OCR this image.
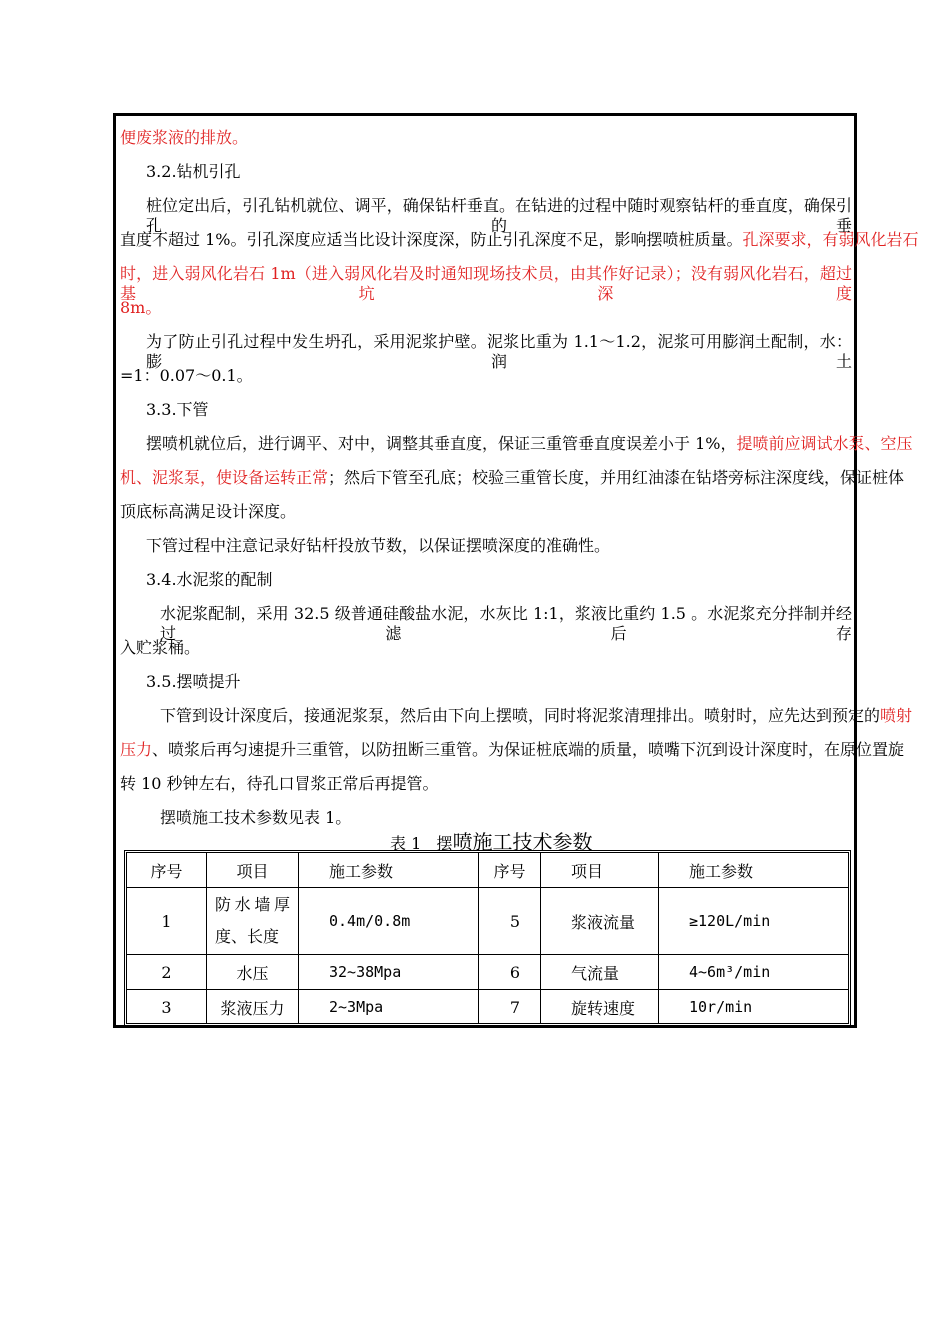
便废浆液的排放。
3.2.钻机引孔
桩位定出后，引孔钻机就位、调平，确保钻杆垂直。在钻进的过程中随时观察钻杆的垂直度，确保引孔的垂
直度不超过 1%。引孔深度应适当比设计深度深，防止引孔深度不足，影响摆喷桩质量。孔深要求，有弱风化岩石
时，进入弱风化岩石 1m（进入弱风化岩及时通知现场技术员，由其作好记录）；没有弱风化岩石，超过基坑深度
8m。
为了防止引孔过程中发生坍孔，采用泥浆护壁。泥浆比重为 1.1～1.2，泥浆可用膨润土配制，水：膨润土
=1：0.07～0.1。
3.3.下管
摆喷机就位后，进行调平、对中，调整其垂直度，保证三重管垂直度误差小于 1%，提喷前应调试水泵、空压
机、泥浆泵，使设备运转正常；然后下管至孔底；校验三重管长度，并用红油漆在钻塔旁标注深度线，保证桩体
顶底标高满足设计深度。
下管过程中注意记录好钻杆投放节数，以保证摆喷深度的准确性。
3.4.水泥浆的配制
水泥浆配制，采用 32.5 级普通硅酸盐水泥，水灰比 1:1，浆液比重约 1.5 。水泥浆充分拌制并经过滤后存
入贮浆桶。
3.5.摆喷提升
下管到设计深度后，接通泥浆泵，然后由下向上摆喷，同时将泥浆清理排出。喷射时，应先达到预定的喷射
压力、喷浆后再匀速提升三重管，以防扭断三重管。为保证桩底端的质量，喷嘴下沉到设计深度时，在原位置旋
转 10 秒钟左右，待孔口冒浆正常后再提管。
摆喷施工技术参数见表 1。
表 1 摆喷施工技术参数
序号	项目	施工参数	序号	项目	施工参数
1	防水墙厚度、长度	0.4m/0.8m	5	浆液流量	≥120L/min
2	水压	32~38Mpa	6	气流量	4~6m³/min
3	浆液压力	2~3Mpa	7	旋转速度	10r/min
